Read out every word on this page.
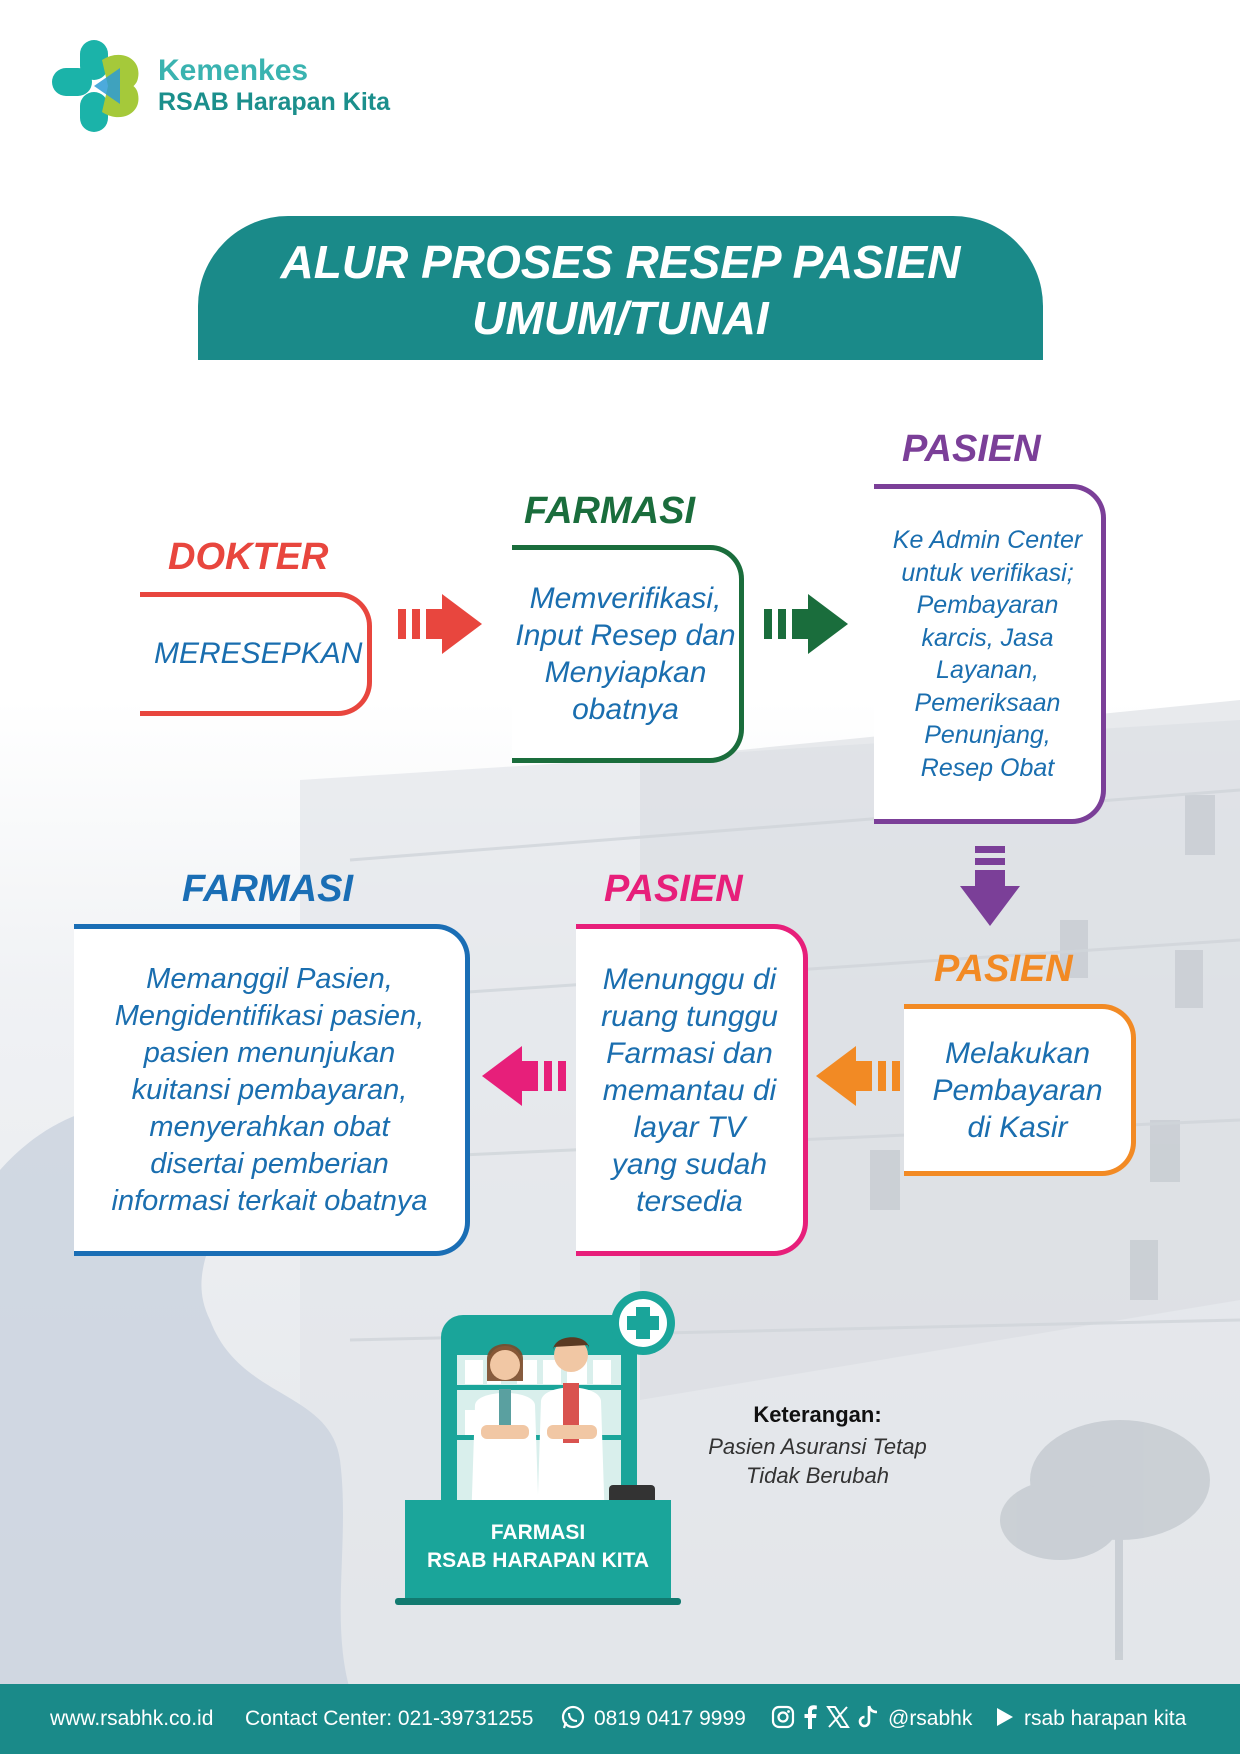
Kemenkes
RSAB Harapan Kita
ALUR PROSES RESEP PASIEN
UMUM/TUNAI
DOKTER
MERESEPKAN
FARMASI
Memverifikasi,
Input Resep dan
Menyiapkan
obatnya
PASIEN
Ke Admin Center
untuk verifikasi;
Pembayaran
karcis, Jasa
Layanan,
Pemeriksaan
Penunjang,
Resep Obat
PASIEN
Melakukan
Pembayaran
di Kasir
PASIEN
Menunggu di
ruang tunggu
Farmasi dan
memantau di
layar TV
yang sudah
tersedia
FARMASI
Memanggil Pasien,
Mengidentifikasi pasien,
pasien menunjukan
kuitansi pembayaran,
menyerahkan obat
disertai pemberian
informasi terkait obatnya
FARMASI
RSAB HARAPAN KITA
Keterangan:
Pasien Asuransi Tetap
Tidak Berubah
www.rsabhk.co.id Contact Center: 021-39731255	0819 0417 9999	@rsabhk rsab harapan kita
